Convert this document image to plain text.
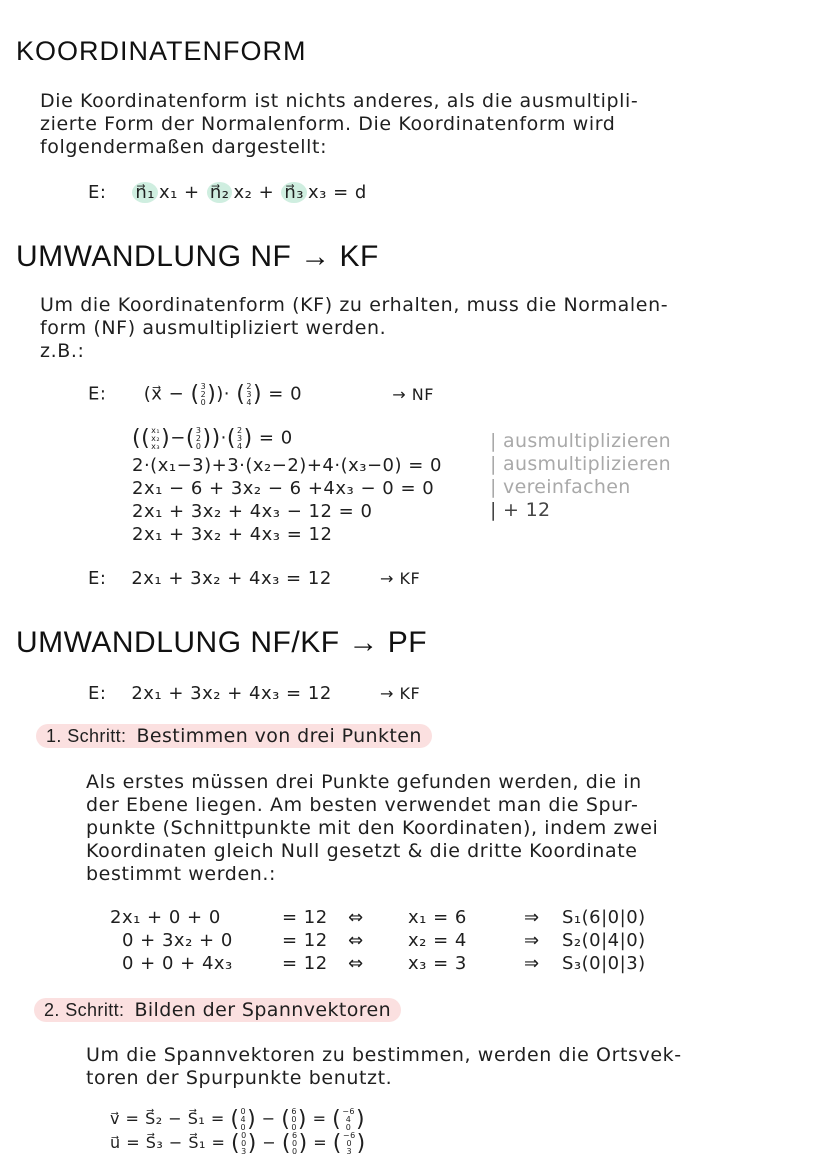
KOORDINATENFORM
Die Koordinatenform ist nichts anderes, als die ausmultipli-
zierte Form der Normalenform. Die Koordinatenform wird
folgendermaßen dargestellt:
E: n⃗₁ x₁ + n⃗₂ x₂ + n⃗₃ x₃ = d
UMWANDLUNG NF → KF
Um die Koordinatenform (KF) zu erhalten, muss die Normalen-
form (NF) ausmultipliziert werden.
z.B.:
E: (x⃗ − ( 3
2
0 ))· ( 2
3
4 ) = 0	→ NF
(( x₁
x₂
x₃ )−( 3
2
0 ))·( 2
3
4 ) = 0	| ausmultiplizieren
2·(x₁−3)+3·(x₂−2)+4·(x₃−0) = 0	| ausmultiplizieren
2x₁ − 6 + 3x₂ − 6 +4x₃ − 0 = 0	| vereinfachen
2x₁ + 3x₂ + 4x₃ − 12 = 0	| + 12
2x₁ + 3x₂ + 4x₃ = 12
E: 2x₁ + 3x₂ + 4x₃ = 12	→ KF
UMWANDLUNG NF/KF → PF
E: 2x₁ + 3x₂ + 4x₃ = 12	→ KF
1. Schritt: Bestimmen von drei Punkten
Als erstes müssen drei Punkte gefunden werden, die in
der Ebene liegen. Am besten verwendet man die Spur-
punkte (Schnittpunkte mit den Koordinaten), indem zwei
Koordinaten gleich Null gesetzt & die dritte Koordinate
bestimmt werden.:
2x₁ + 0 + 0	= 12 ⇔ x₁ = 6	⇒ S₁(6|0|0)
0 + 3x₂ + 0	= 12 ⇔ x₂ = 4	⇒ S₂(0|4|0)
0 + 0 + 4x₃	= 12 ⇔ x₃ = 3	⇒ S₃(0|0|3)
2. Schritt: Bilden der Spannvektoren
Um die Spannvektoren zu bestimmen, werden die Ortsvek-
toren der Spurpunkte benutzt.
v⃗ = S⃗₂ − S⃗₁ = ( 0
4
0 ) − ( 6
0
0 ) = ( −6
4
0 )
u⃗ = S⃗₃ − S⃗₁ = ( 0
0
3 ) − ( 6
0
0 ) = ( −6
0
3 )
